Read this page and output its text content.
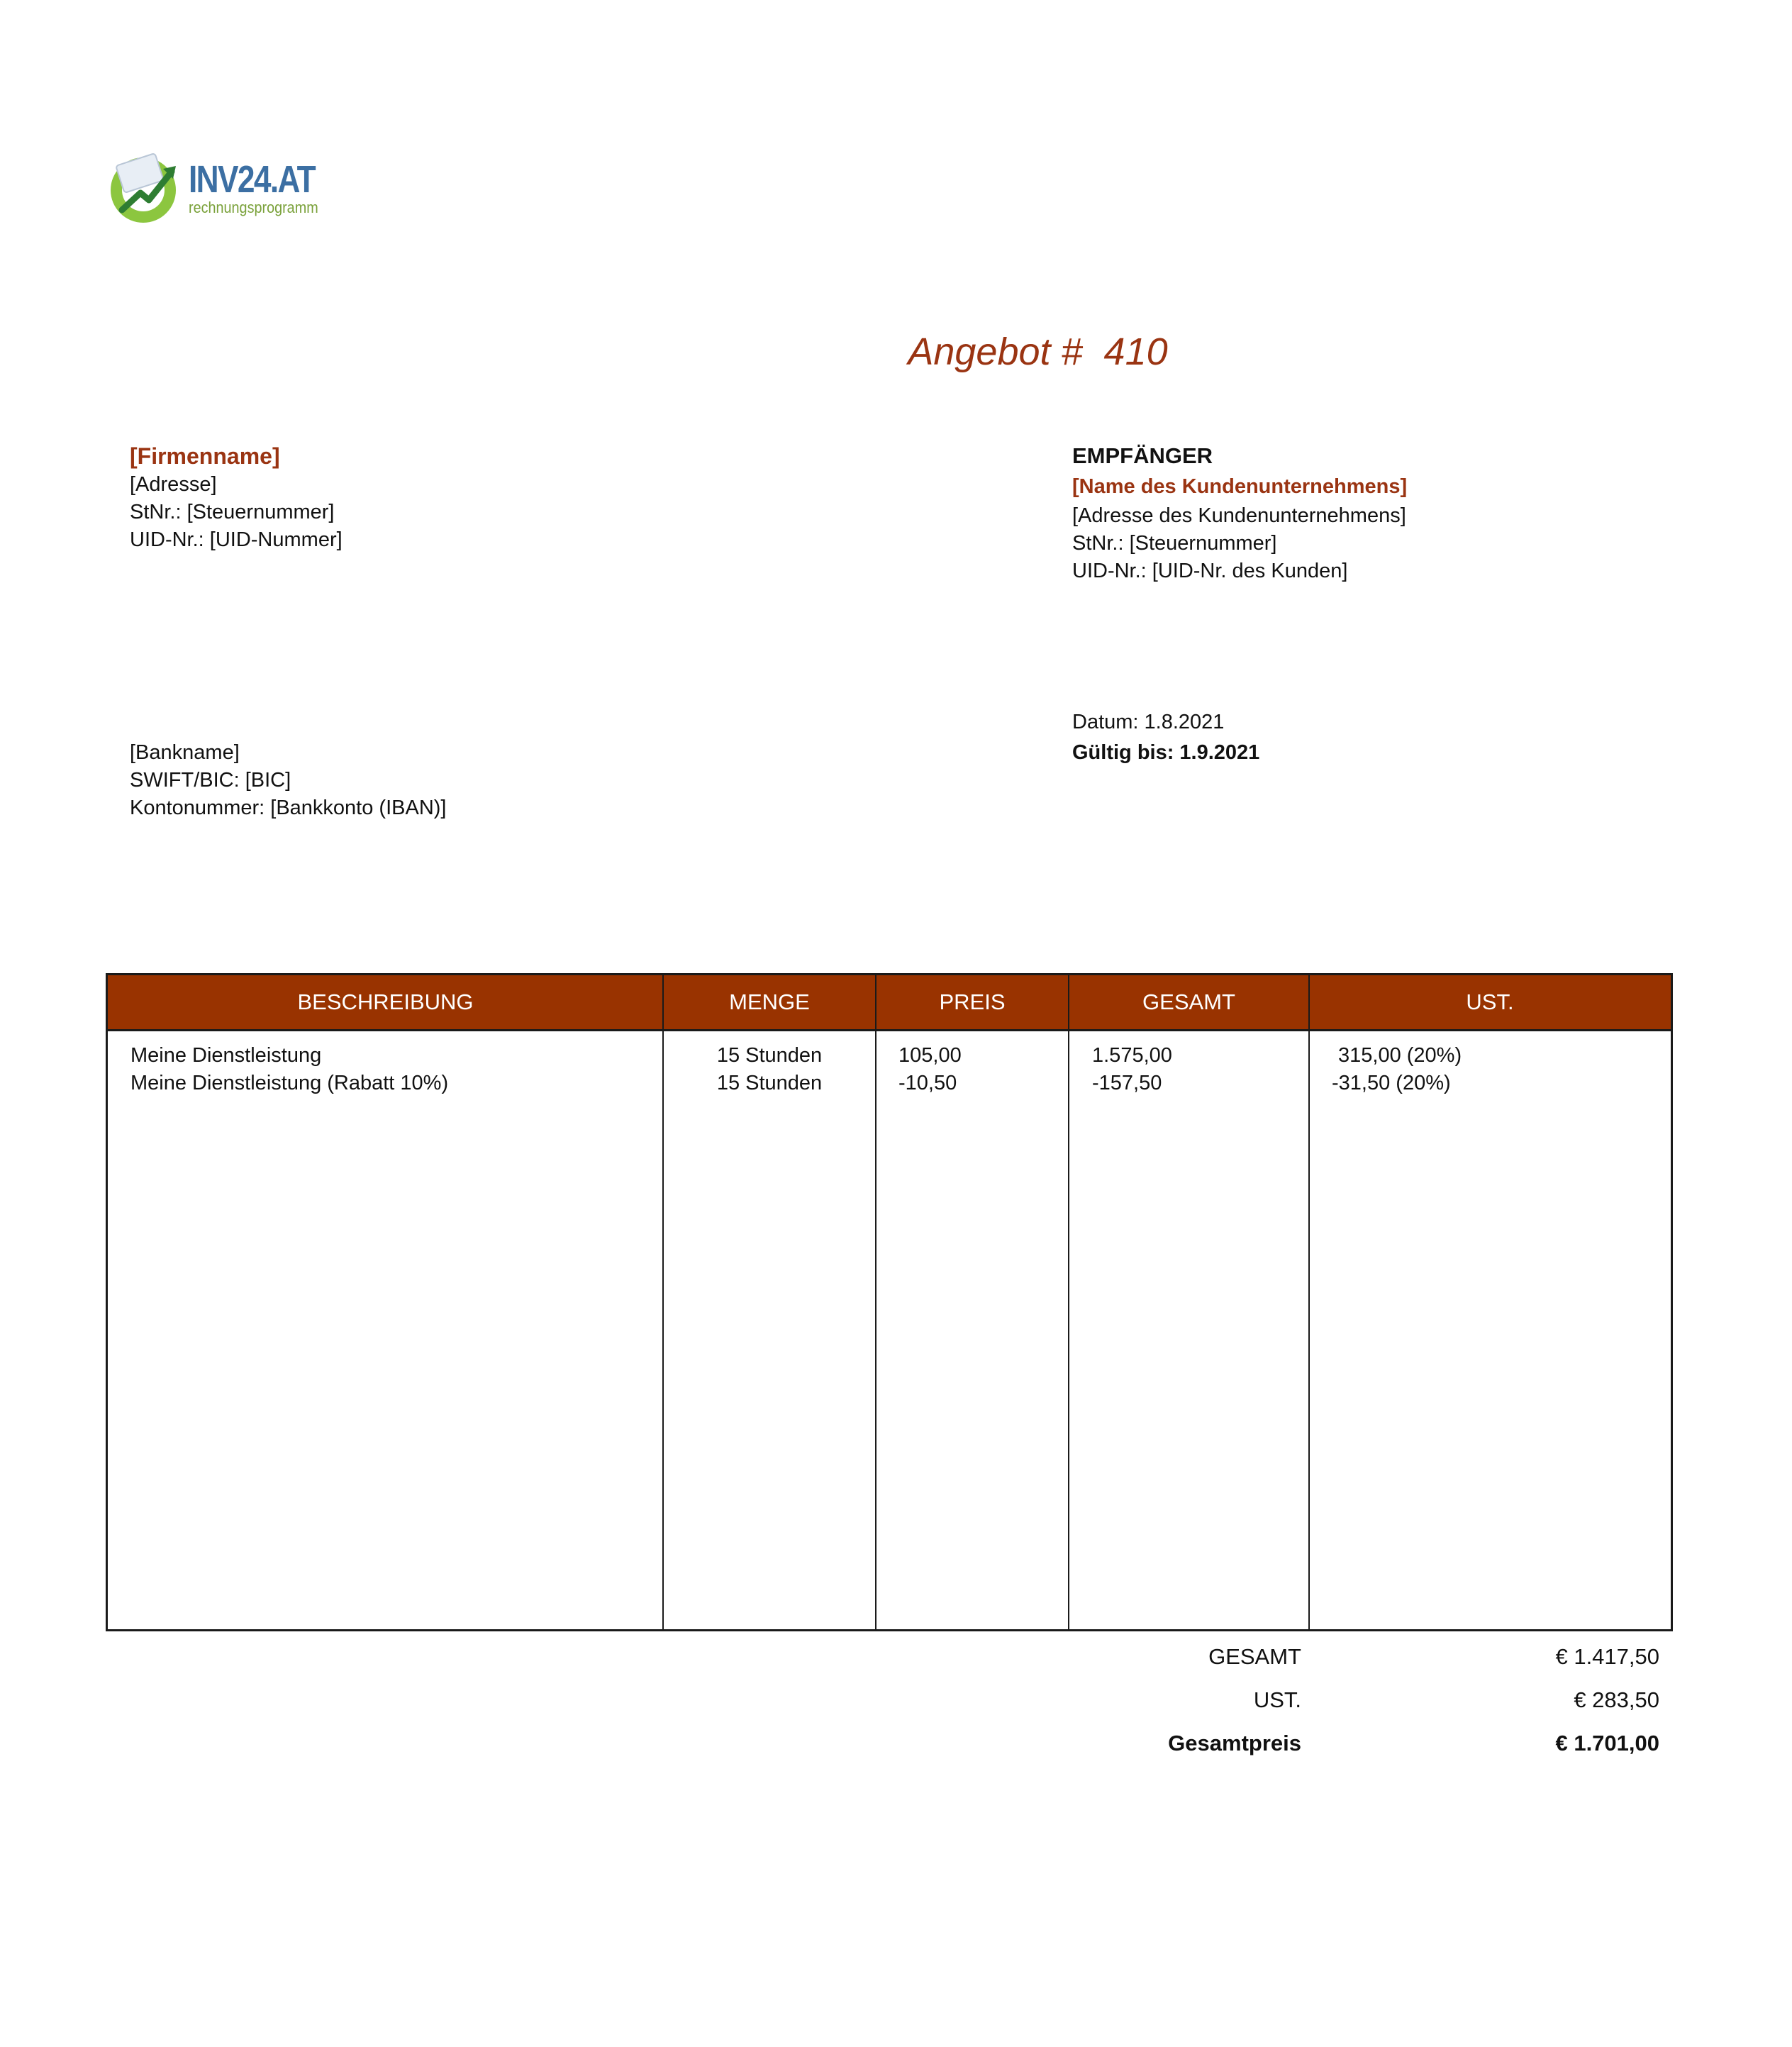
INV24.AT
rechnungsprogramm
Angebot #  410
[Firmenname]
[Adresse]
StNr.: [Steuernummer]
UID-Nr.: [UID-Nummer]
EMPFÄNGER
[Name des Kundenunternehmens]
[Adresse des Kundenunternehmens]
StNr.: [Steuernummer]
UID-Nr.: [UID-Nr. des Kunden]
[Bankname]
SWIFT/BIC: [BIC]
Kontonummer: [Bankkonto (IBAN)]
Datum: 1.8.2021
Gültig bis: 1.9.2021
BESCHREIBUNG	MENGE	PREIS	GESAMT	UST.
Meine Dienstleistung	15 Stunden	105,00	1.575,00	315,00 (20%)
Meine Dienstleistung (Rabatt 10%)	15 Stunden	-10,50	-157,50	-31,50 (20%)
GESAMT	€ 1.417,50
UST.	€ 283,50
Gesamtpreis	€ 1.701,00
